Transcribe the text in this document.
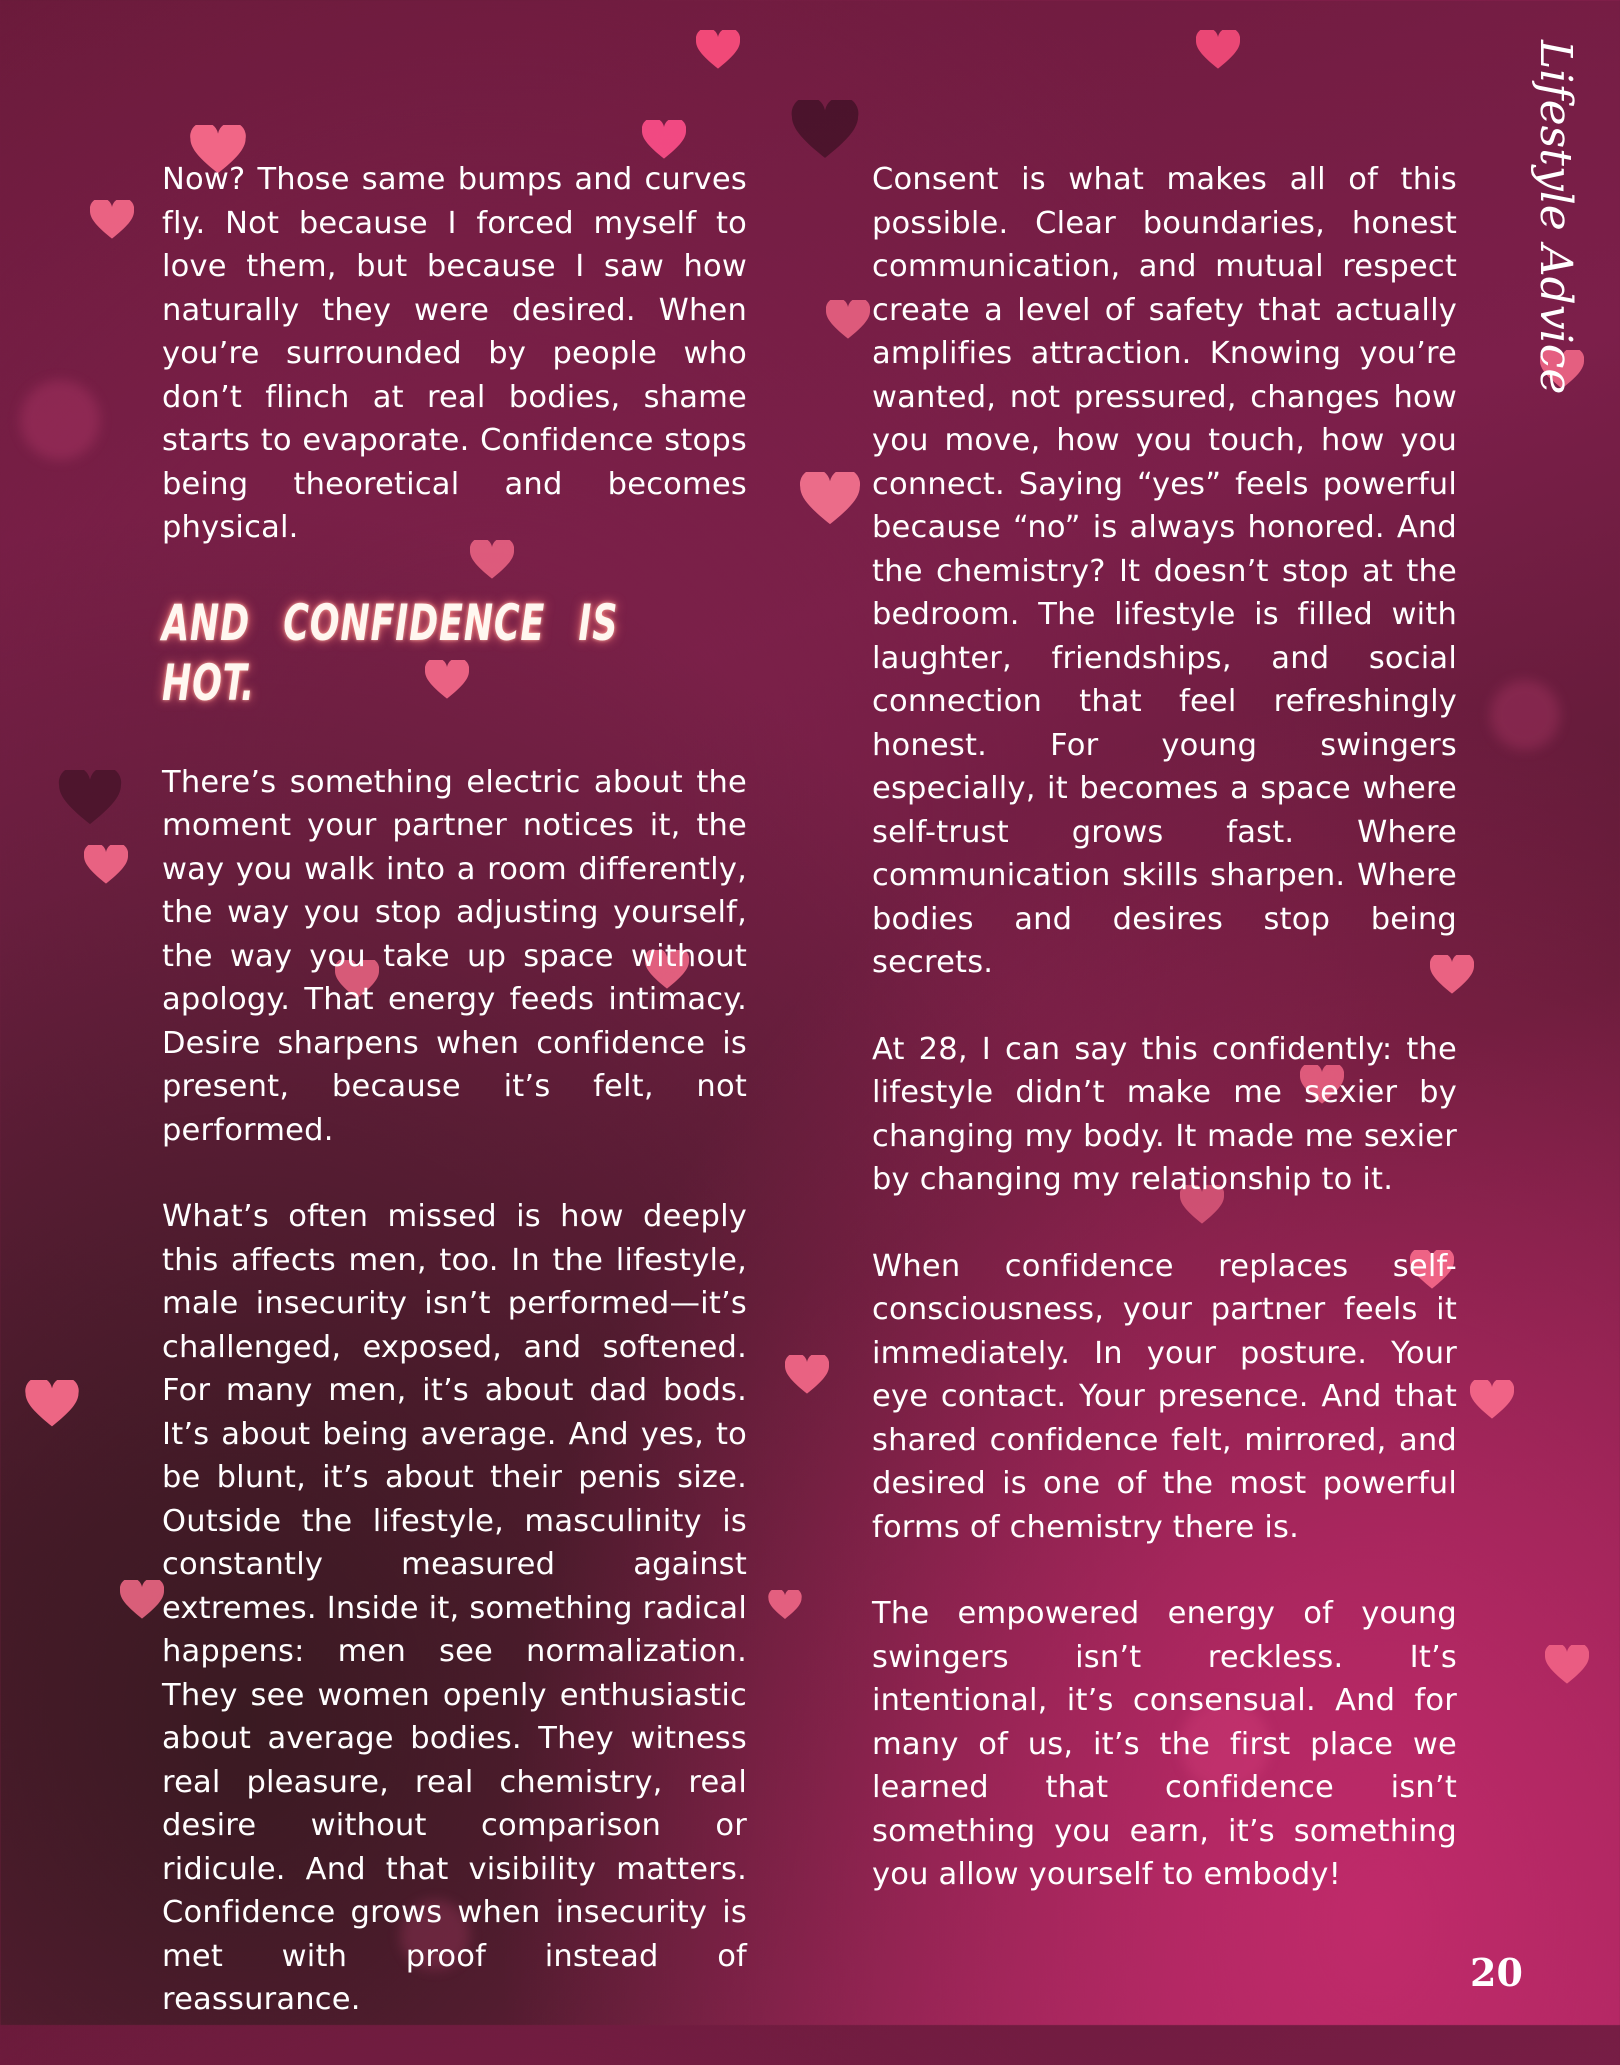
Lifestyle Advice

Now? Those same bumps and curves fly. Not because I forced myself to love them, but because I saw how naturally they were desired. When you’re surrounded by people who don’t flinch at real bodies, shame starts to evaporate. Confidence stops being theoretical and becomes physical.

AND CONFIDENCE IS HOT.

There’s something electric about the moment your partner notices it, the way you walk into a room differently, the way you stop adjusting yourself, the way you take up space without apology. That energy feeds intimacy. Desire sharpens when confidence is present, because it’s felt, not performed.

What’s often missed is how deeply this affects men, too. In the lifestyle, male insecurity isn’t performed—it’s challenged, exposed, and softened. For many men, it’s about dad bods. It’s about being average. And yes, to be blunt, it’s about their penis size. Outside the lifestyle, masculinity is constantly measured against extremes. Inside it, something radical happens: men see normalization. They see women openly enthusiastic about average bodies. They witness real pleasure, real chemistry, real desire without comparison or ridicule. And that visibility matters. Confidence grows when insecurity is met with proof instead of reassurance.

Consent is what makes all of this possible. Clear boundaries, honest communication, and mutual respect create a level of safety that actually amplifies attraction. Knowing you’re wanted, not pressured, changes how you move, how you touch, how you connect. Saying “yes” feels powerful because “no” is always honored. And the chemistry? It doesn’t stop at the bedroom. The lifestyle is filled with laughter, friendships, and social connection that feel refreshingly honest. For young swingers especially, it becomes a space where self-trust grows fast. Where communication skills sharpen. Where bodies and desires stop being secrets.

At 28, I can say this confidently: the lifestyle didn’t make me sexier by changing my body. It made me sexier by changing my relationship to it.

When confidence replaces self-consciousness, your partner feels it immediately. In your posture. Your eye contact. Your presence. And that shared confidence felt, mirrored, and desired is one of the most powerful forms of chemistry there is.

The empowered energy of young swingers isn’t reckless. It’s intentional, it’s consensual. And for many of us, it’s the first place we learned that confidence isn’t something you earn, it’s something you allow yourself to embody!

20
